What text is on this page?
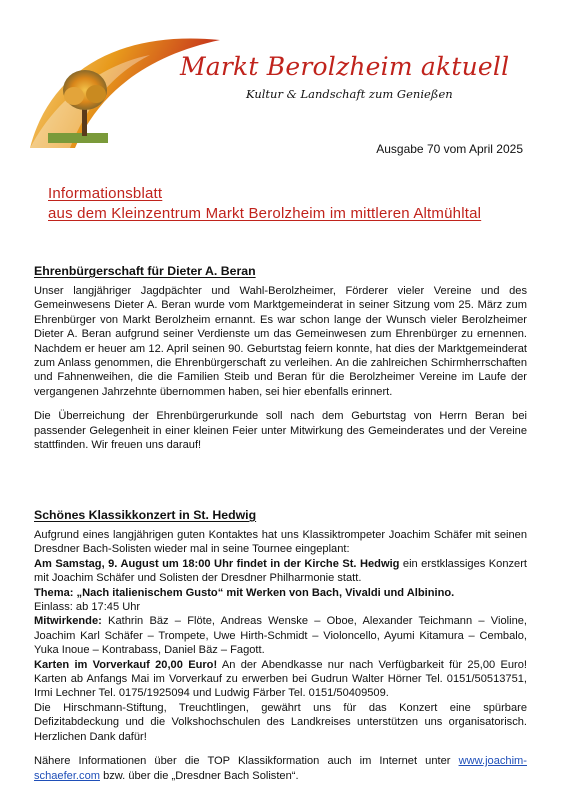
Markt Berolzheim aktuell
Kultur & Landschaft zum Genießen
Ausgabe 70 vom April 2025
Informationsblatt
aus dem Kleinzentrum Markt Berolzheim im mittleren Altmühltal
Ehrenbürgerschaft für Dieter A. Beran

Unser langjähriger Jagdpächter und Wahl-Berolzheimer, Förderer vieler Vereine und des Gemeinwesens Dieter A. Beran wurde vom Marktgemeinderat in seiner Sitzung vom 25. März zum Ehrenbürger von Markt Berolzheim ernannt. Es war schon lange der Wunsch vieler Berolzheimer Dieter A. Beran aufgrund seiner Verdienste um das Gemeinwesen zum Ehrenbürger zu ernennen. Nachdem er heuer am 12. April seinen 90. Geburtstag feiern konnte, hat dies der Marktgemeinderat zum Anlass genommen, die Ehrenbürgerschaft zu verleihen. An die zahlreichen Schirmherrschaften und Fahnenweihen, die die Familien Steib und Beran für die Berolzheimer Vereine im Laufe der vergangenen Jahrzehnte übernommen haben, sei hier ebenfalls erinnert.

Die Überreichung der Ehrenbürgerurkunde soll nach dem Geburtstag von Herrn Beran bei passender Gelegenheit in einer kleinen Feier unter Mitwirkung des Gemeinderates und der Vereine stattfinden. Wir freuen uns darauf!

Schönes Klassikkonzert in St. Hedwig

Aufgrund eines langjährigen guten Kontaktes hat uns Klassiktrompeter Joachim Schäfer mit seinen Dresdner Bach-Solisten wieder mal in seine Tournee eingeplant:

Am Samstag, 9. August um 18:00 Uhr findet in der Kirche St. Hedwig ein erstklassiges Konzert mit Joachim Schäfer und Solisten der Dresdner Philharmonie statt.

Thema: „Nach italienischem Gusto“ mit Werken von Bach, Vivaldi und Albinino.

Einlass: ab 17:45 Uhr

Mitwirkende: Kathrin Bäz – Flöte, Andreas Wenske – Oboe, Alexander Teichmann – Violine, Joachim Karl Schäfer – Trompete, Uwe Hirth-Schmidt – Violoncello, Ayumi Kitamura – Cembalo, Yuka Inoue – Kontrabass, Daniel Bäz – Fagott.

Karten im Vorverkauf 20,00 Euro! An der Abendkasse nur nach Verfügbarkeit für 25,00 Euro! Karten ab Anfangs Mai im Vorverkauf zu erwerben bei Gudrun Walter Hörner Tel. 0151/50513751, Irmi Lechner Tel. 0175/1925094 und Ludwig Färber Tel. 0151/50409509.

Die Hirschmann-Stiftung, Treuchtlingen, gewährt uns für das Konzert eine spürbare Defizitabdeckung und die Volkshochschulen des Landkreises unterstützen uns organisatorisch. Herzlichen Dank dafür!

Nähere Informationen über die TOP Klassikformation auch im Internet unter www.joachim-schaefer.com bzw. über die „Dresdner Bach Solisten“.
